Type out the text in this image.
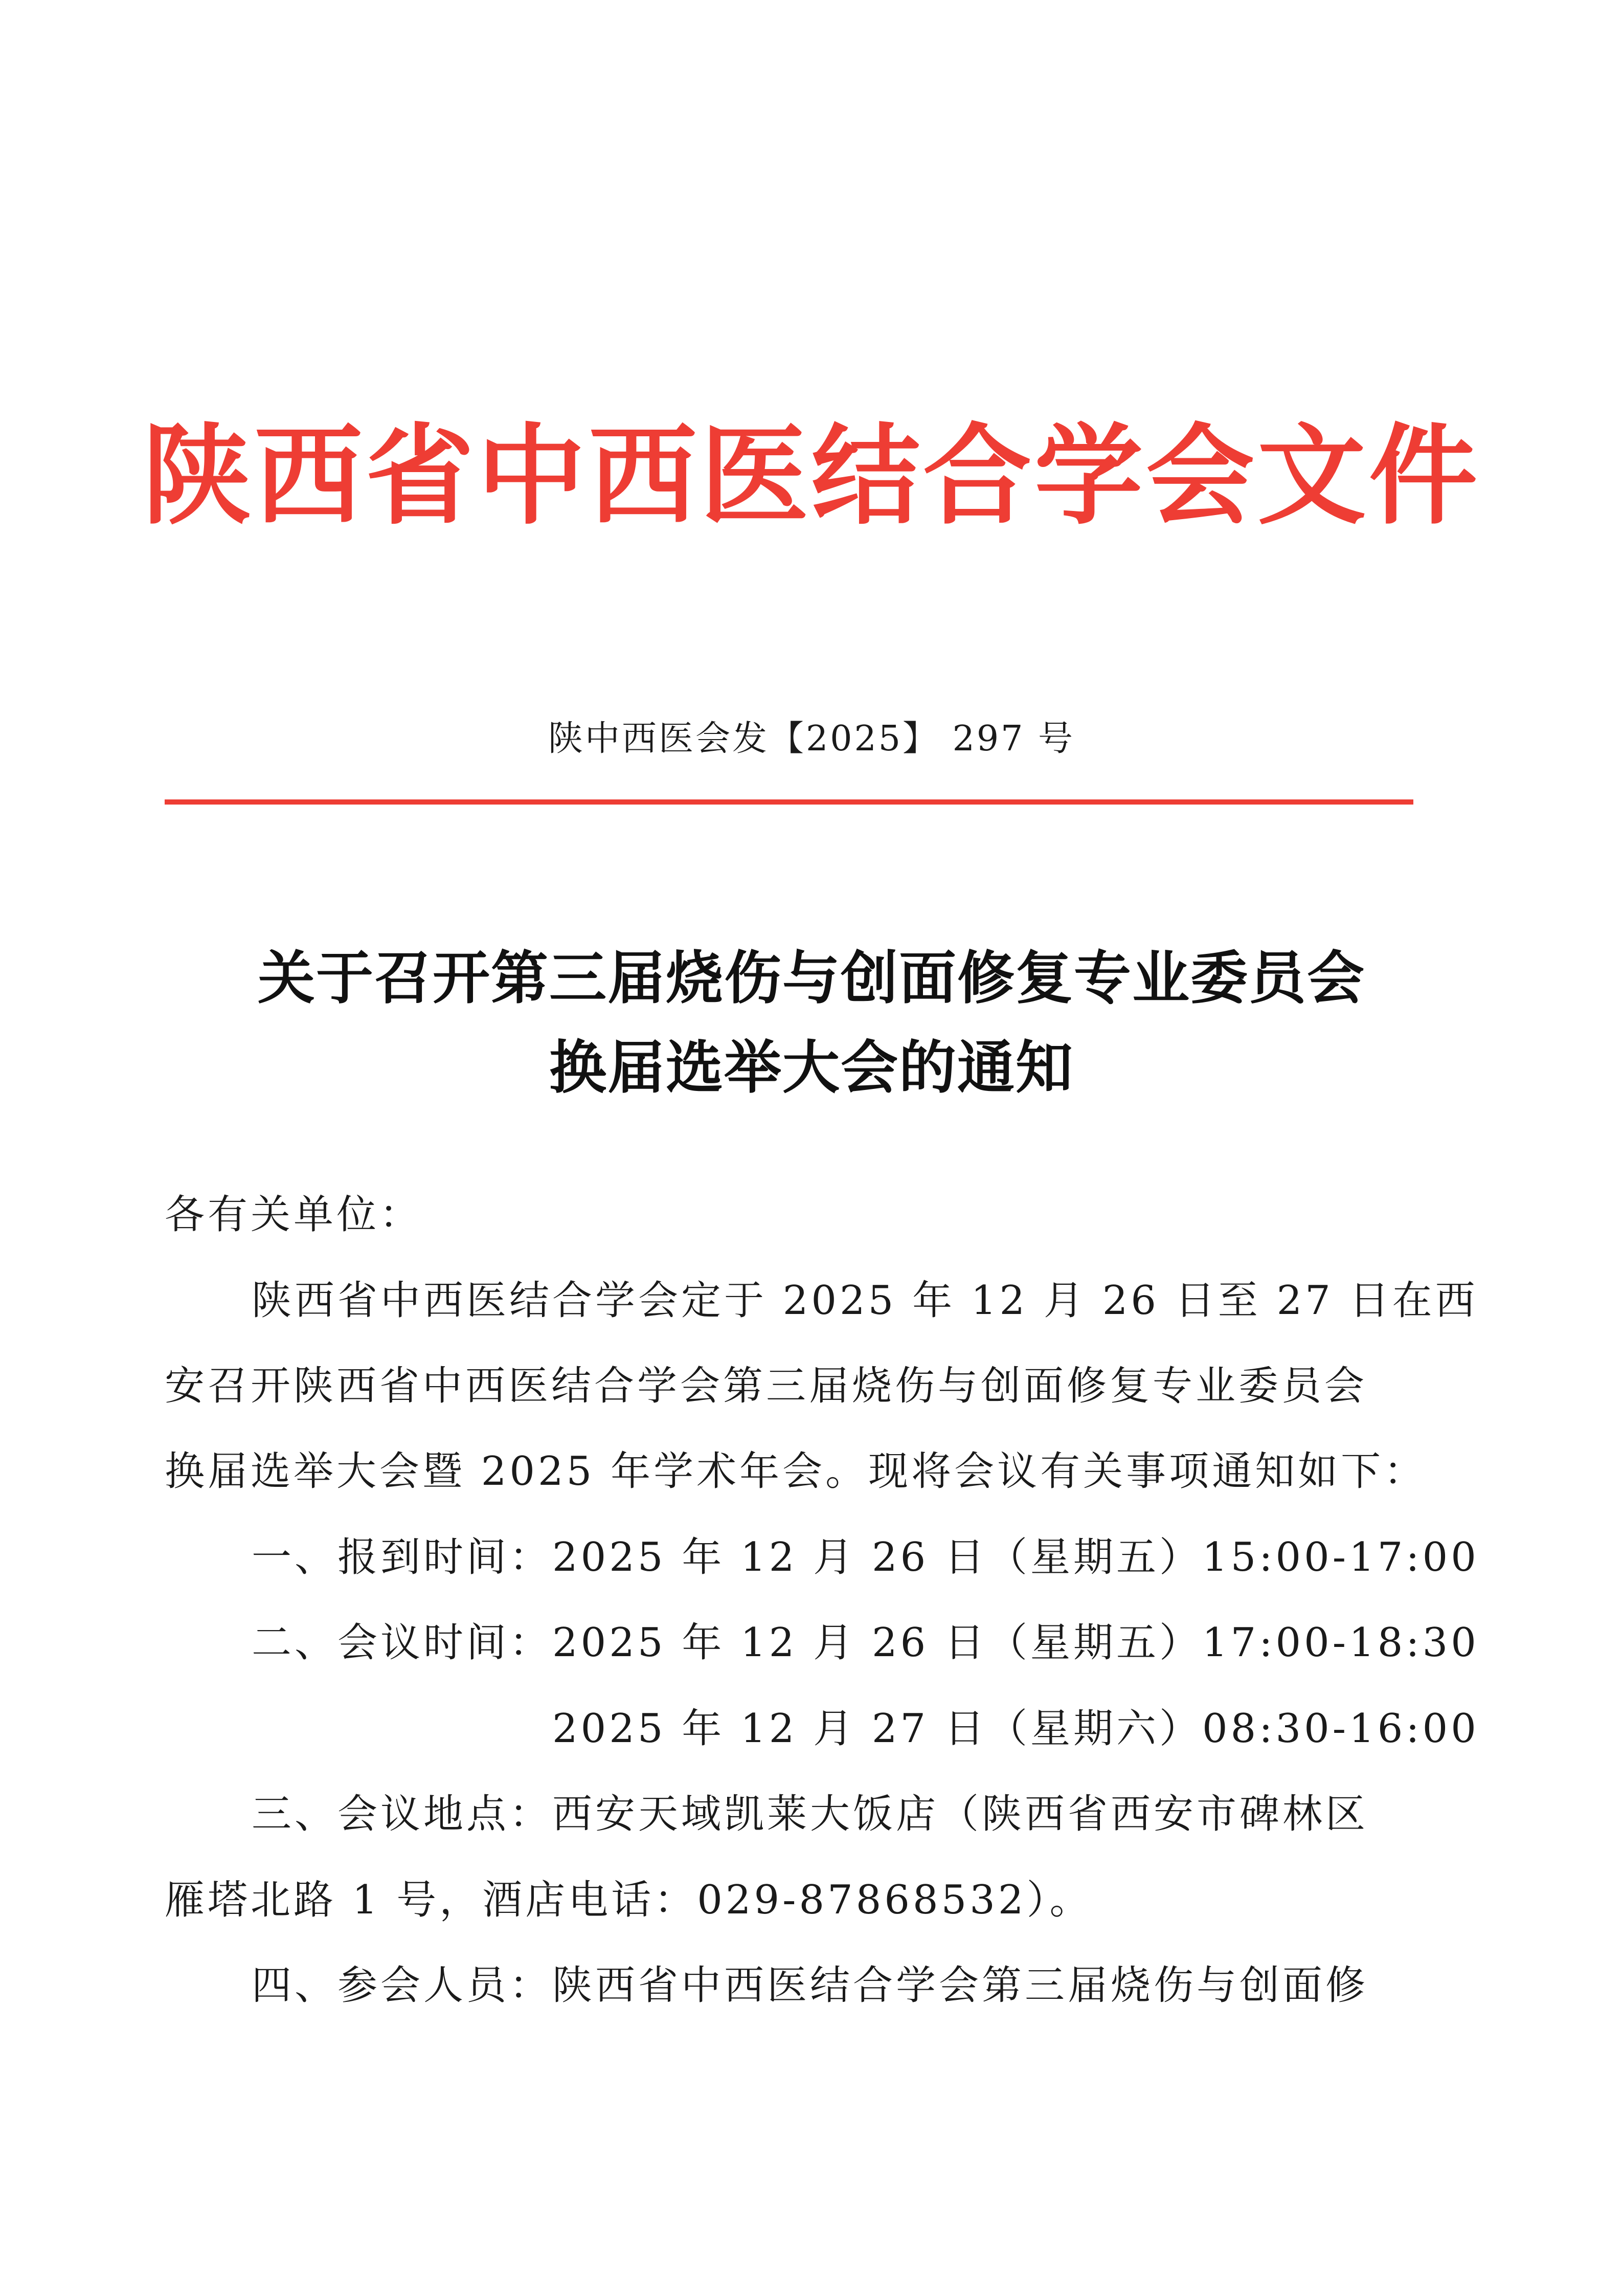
陕西省中西医结合学会文件
陕中西医会发【2025】 297 号
关于召开第三届烧伤与创面修复专业委员会
换届选举大会的通知
各有关单位：
陕西省中西医结合学会定于 2025 年 12 月 26 日至 27 日在西
安召开陕西省中西医结合学会第三届烧伤与创面修复专业委员会
换届选举大会暨 2025 年学术年会。现将会议有关事项通知如下：
一、报到时间：2025 年 12 月 26 日（星期五）15:00-17:00
二、会议时间：2025 年 12 月 26 日（星期五）17:00-18:30
2025 年 12 月 27 日（星期六）08:30-16:00
三、会议地点：西安天域凯莱大饭店（陕西省西安市碑林区
雁塔北路 1 号，酒店电话：029-87868532）。
四、参会人员：陕西省中西医结合学会第三届烧伤与创面修
